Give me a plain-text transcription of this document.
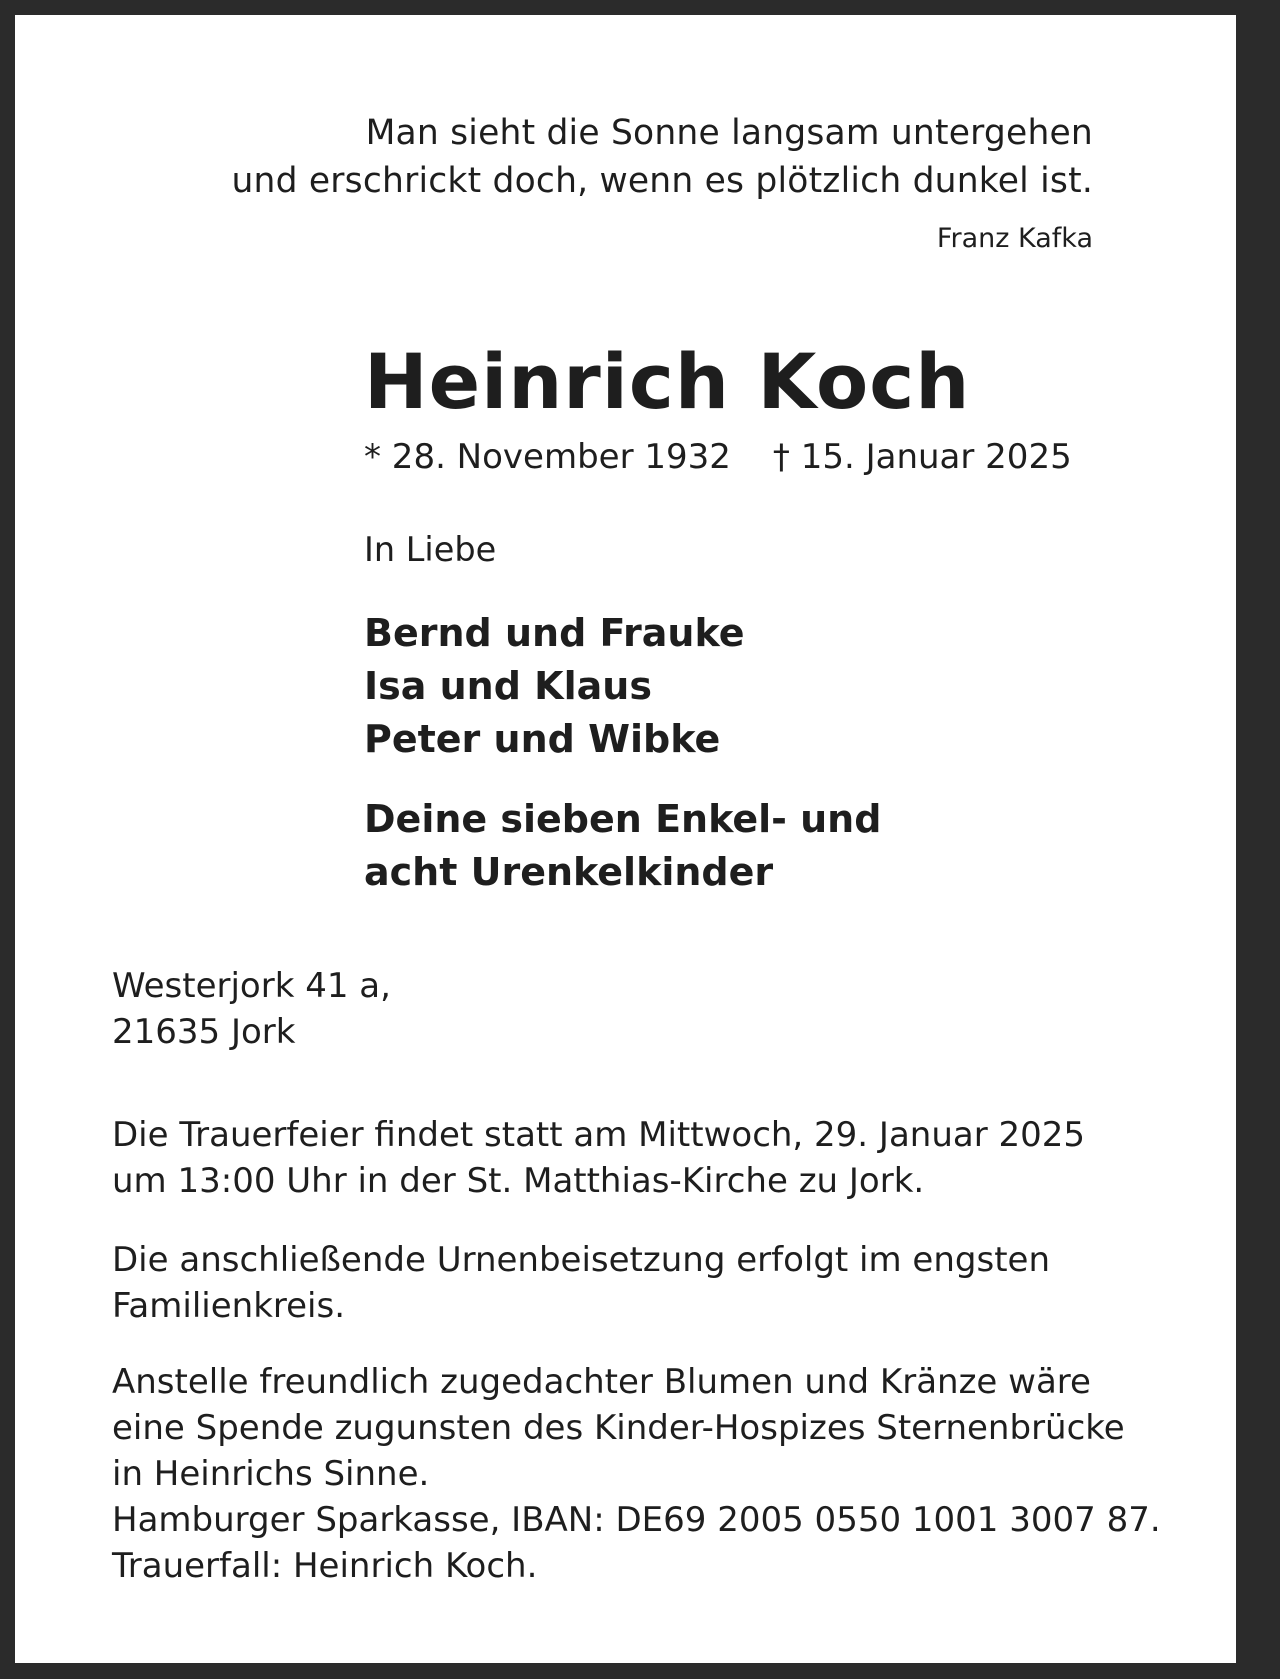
Man sieht die Sonne langsam untergehen
und erschrickt doch, wenn es plötzlich dunkel ist.
Franz Kafka
Heinrich Koch
* 28. November 1932 † 15. Januar 2025
In Liebe
Bernd und Frauke
Isa und Klaus
Peter und Wibke
Deine sieben Enkel- und
acht Urenkelkinder
Westerjork 41 a,
21635 Jork
Die Trauerfeier findet statt am Mittwoch, 29. Januar 2025
um 13:00 Uhr in der St. Matthias-Kirche zu Jork.
Die anschließende Urnenbeisetzung erfolgt im engsten
Familienkreis.
Anstelle freundlich zugedachter Blumen und Kränze wäre
eine Spende zugunsten des Kinder-Hospizes Sternenbrücke
in Heinrichs Sinne.
Hamburger Sparkasse, IBAN: DE69 2005 0550 1001 3007 87.
Trauerfall: Heinrich Koch.
